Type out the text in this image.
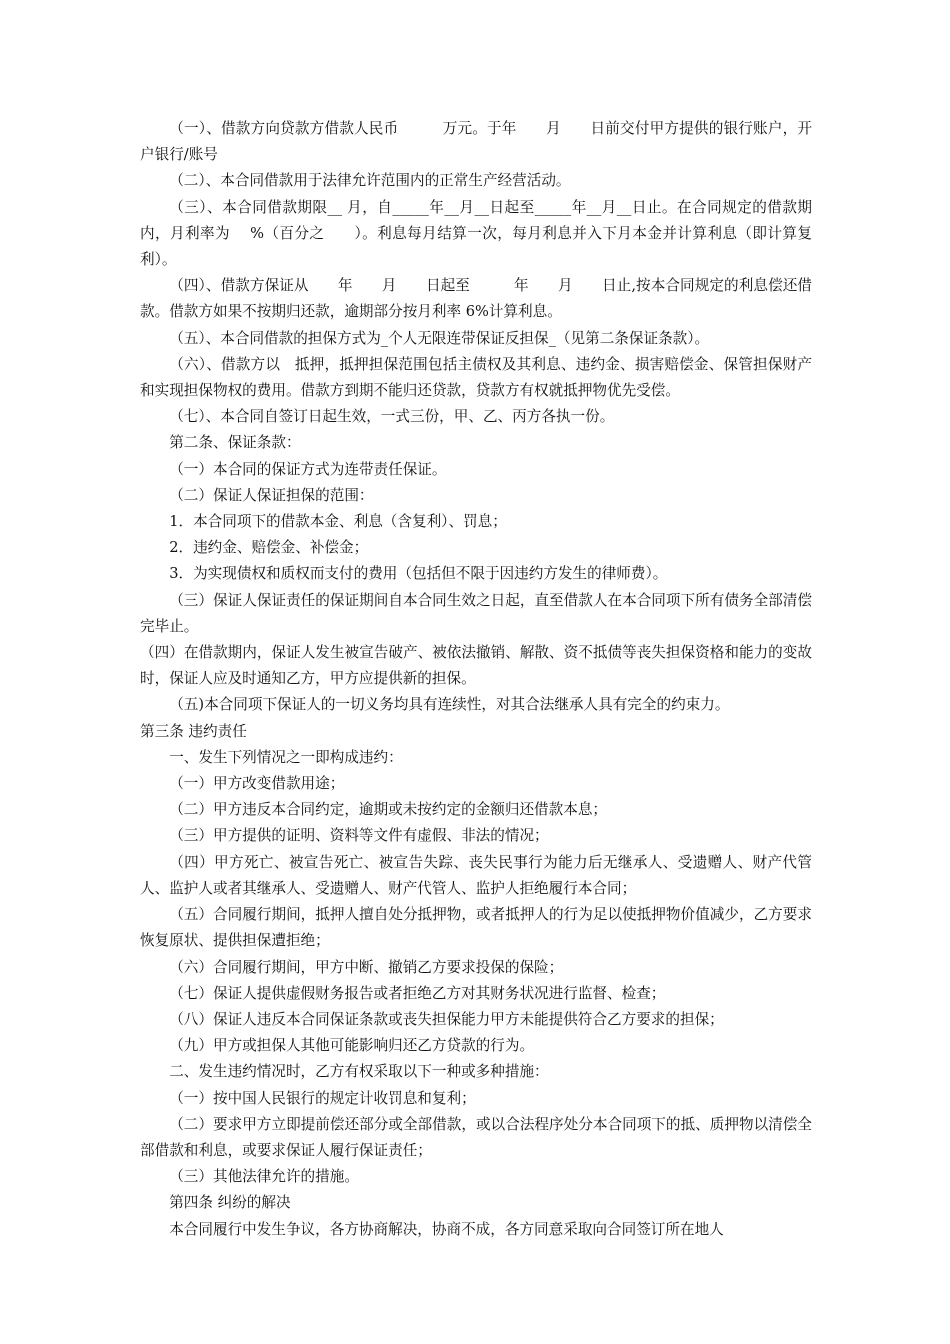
（一）、借款方向贷款方借款人民币　　　万元。于年　　月　　日前交付甲方提供的银行账户，开户银行/账号

（二）、本合同借款用于法律允许范围内的正常生产经营活动。

（三）、本合同借款期限__ 月，自_____年__月__日起至_____年__月__日止。在合同规定的借款期内，月利率为　 %（百分之　　）。利息每月结算一次，每月利息并入下月本金并计算利息（即计算复利）。

（四）、借款方保证从　　年　　月　　日起至　　　年　　月　　日止,按本合同规定的利息偿还借款。借款方如果不按期归还款，逾期部分按月利率 6%计算利息。

（五）、本合同借款的担保方式为_个人无限连带保证反担保_（见第二条保证条款）。

（六）、借款方以　抵押，抵押担保范围包括主债权及其利息、违约金、损害赔偿金、保管担保财产和实现担保物权的费用。借款方到期不能归还贷款，贷款方有权就抵押物优先受偿。

（七）、本合同自签订日起生效，一式三份，甲、乙、丙方各执一份。

第二条、保证条款：

（一）本合同的保证方式为连带责任保证。

（二）保证人保证担保的范围：

1．本合同项下的借款本金、利息（含复利）、罚息；

2．违约金、赔偿金、补偿金；

3．为实现债权和质权而支付的费用（包括但不限于因违约方发生的律师费）。

（三）保证人保证责任的保证期间自本合同生效之日起，直至借款人在本合同项下所有债务全部清偿完毕止。

（四）在借款期内，保证人发生被宣告破产、被依法撤销、解散、资不抵债等丧失担保资格和能力的变故时，保证人应及时通知乙方，甲方应提供新的担保。

（五)本合同项下保证人的一切义务均具有连续性，对其合法继承人具有完全的约束力。

第三条 违约责任

一、发生下列情况之一即构成违约：

（一）甲方改变借款用途；

（二）甲方违反本合同约定，逾期或未按约定的金额归还借款本息；

（三）甲方提供的证明、资料等文件有虚假、非法的情况；

（四）甲方死亡、被宣告死亡、被宣告失踪、丧失民事行为能力后无继承人、受遗赠人、财产代管人、监护人或者其继承人、受遗赠人、财产代管人、监护人拒绝履行本合同；

（五）合同履行期间，抵押人擅自处分抵押物，或者抵押人的行为足以使抵押物价值减少，乙方要求恢复原状、提供担保遭拒绝；

（六）合同履行期间，甲方中断、撤销乙方要求投保的保险；

（七）保证人提供虚假财务报告或者拒绝乙方对其财务状况进行监督、检查；

（八）保证人违反本合同保证条款或丧失担保能力甲方未能提供符合乙方要求的担保；

（九）甲方或担保人其他可能影响归还乙方贷款的行为。

二、发生违约情况时，乙方有权采取以下一种或多种措施：

（一）按中国人民银行的规定计收罚息和复利；

（二）要求甲方立即提前偿还部分或全部借款，或以合法程序处分本合同项下的抵、质押物以清偿全部借款和利息，或要求保证人履行保证责任；

（三）其他法律允许的措施。

第四条 纠纷的解决

本合同履行中发生争议，各方协商解决，协商不成，各方同意采取向合同签订所在地人
